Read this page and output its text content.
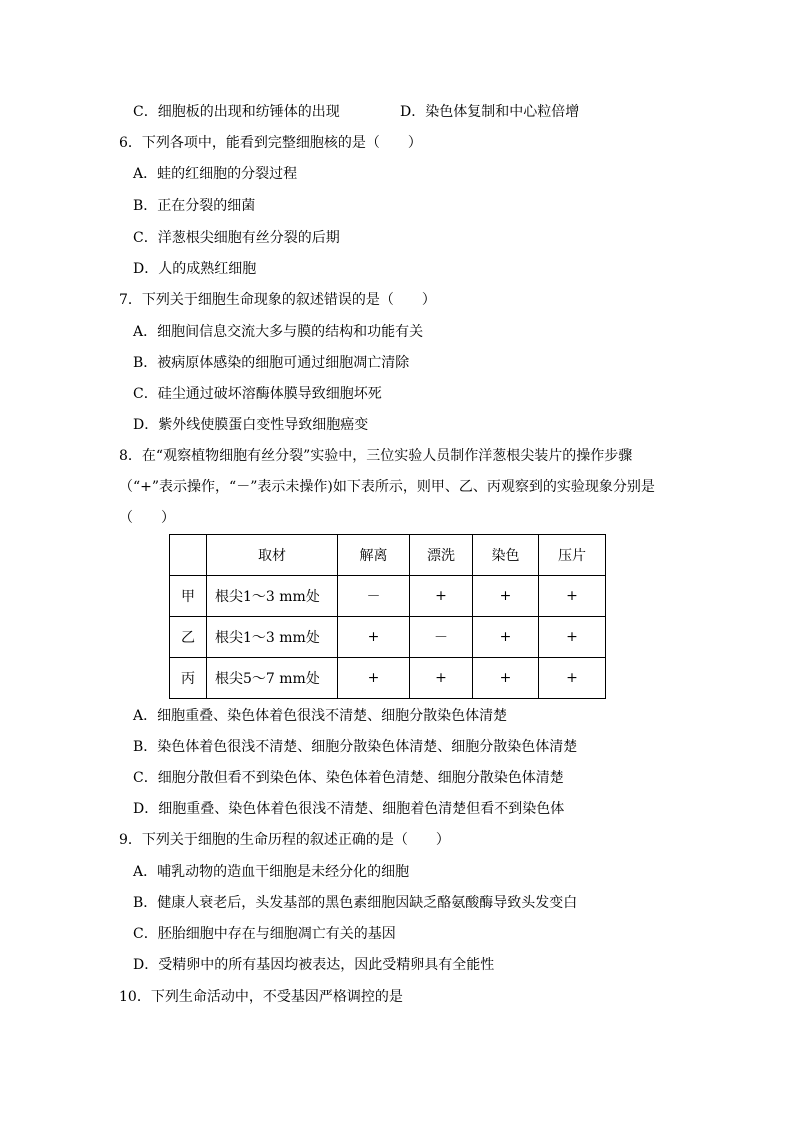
C．细胞板的出现和纺锤体的出现	D．染色体复制和中心粒倍增
6．下列各项中，能看到完整细胞核的是（　　）
A．蛙的红细胞的分裂过程
B．正在分裂的细菌
C．洋葱根尖细胞有丝分裂的后期
D．人的成熟红细胞
7．下列关于细胞生命现象的叙述错误的是（　　）
A．细胞间信息交流大多与膜的结构和功能有关
B．被病原体感染的细胞可通过细胞凋亡清除
C．硅尘通过破坏溶酶体膜导致细胞坏死
D．紫外线使膜蛋白变性导致细胞癌变
8．在“观察植物细胞有丝分裂”实验中，三位实验人员制作洋葱根尖装片的操作步骤
（“+”表示操作，“－”表示未操作)如下表所示，则甲、乙、丙观察到的实验现象分别是
（　　）
	取材	解离	漂洗	染色	压片
甲	根尖1～3 mm处	－	+	+	+
乙	根尖1～3 mm处	+	－	+	+
丙	根尖5～7 mm处	+	+	+	+
A．细胞重叠、染色体着色很浅不清楚、细胞分散染色体清楚
B．染色体着色很浅不清楚、细胞分散染色体清楚、细胞分散染色体清楚
C．细胞分散但看不到染色体、染色体着色清楚、细胞分散染色体清楚
D．细胞重叠、染色体着色很浅不清楚、细胞着色清楚但看不到染色体
9．下列关于细胞的生命历程的叙述正确的是（　　）
A．哺乳动物的造血干细胞是未经分化的细胞
B．健康人衰老后，头发基部的黑色素细胞因缺乏酪氨酸酶导致头发变白
C．胚胎细胞中存在与细胞凋亡有关的基因
D．受精卵中的所有基因均被表达，因此受精卵具有全能性
10．下列生命活动中，不受基因严格调控的是
